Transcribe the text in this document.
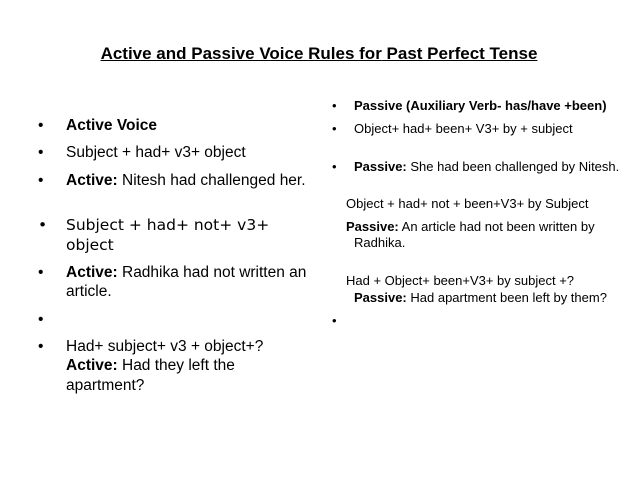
Active and Passive Voice Rules for Past Perfect Tense
• Active Voice
• Subject + had+ v3+ object
• Active: Nitesh had challenged her.
• Subject + had+ not+ v3+ object
• Active: Radhika had not written an article.
•

• Had+ subject+ v3 + object+?
Active: Had they left the apartment?
• Passive (Auxiliary Verb- has/have +been)
• Object+ had+ been+ V3+ by + subject
• Passive: She had been challenged by Nitesh.
Object + had+ not + been+V3+ by Subject
Passive: An article had not been written by Radhika.
Had + Object+ been+V3+ by subject +?
Passive: Had apartment been left by them?
•
